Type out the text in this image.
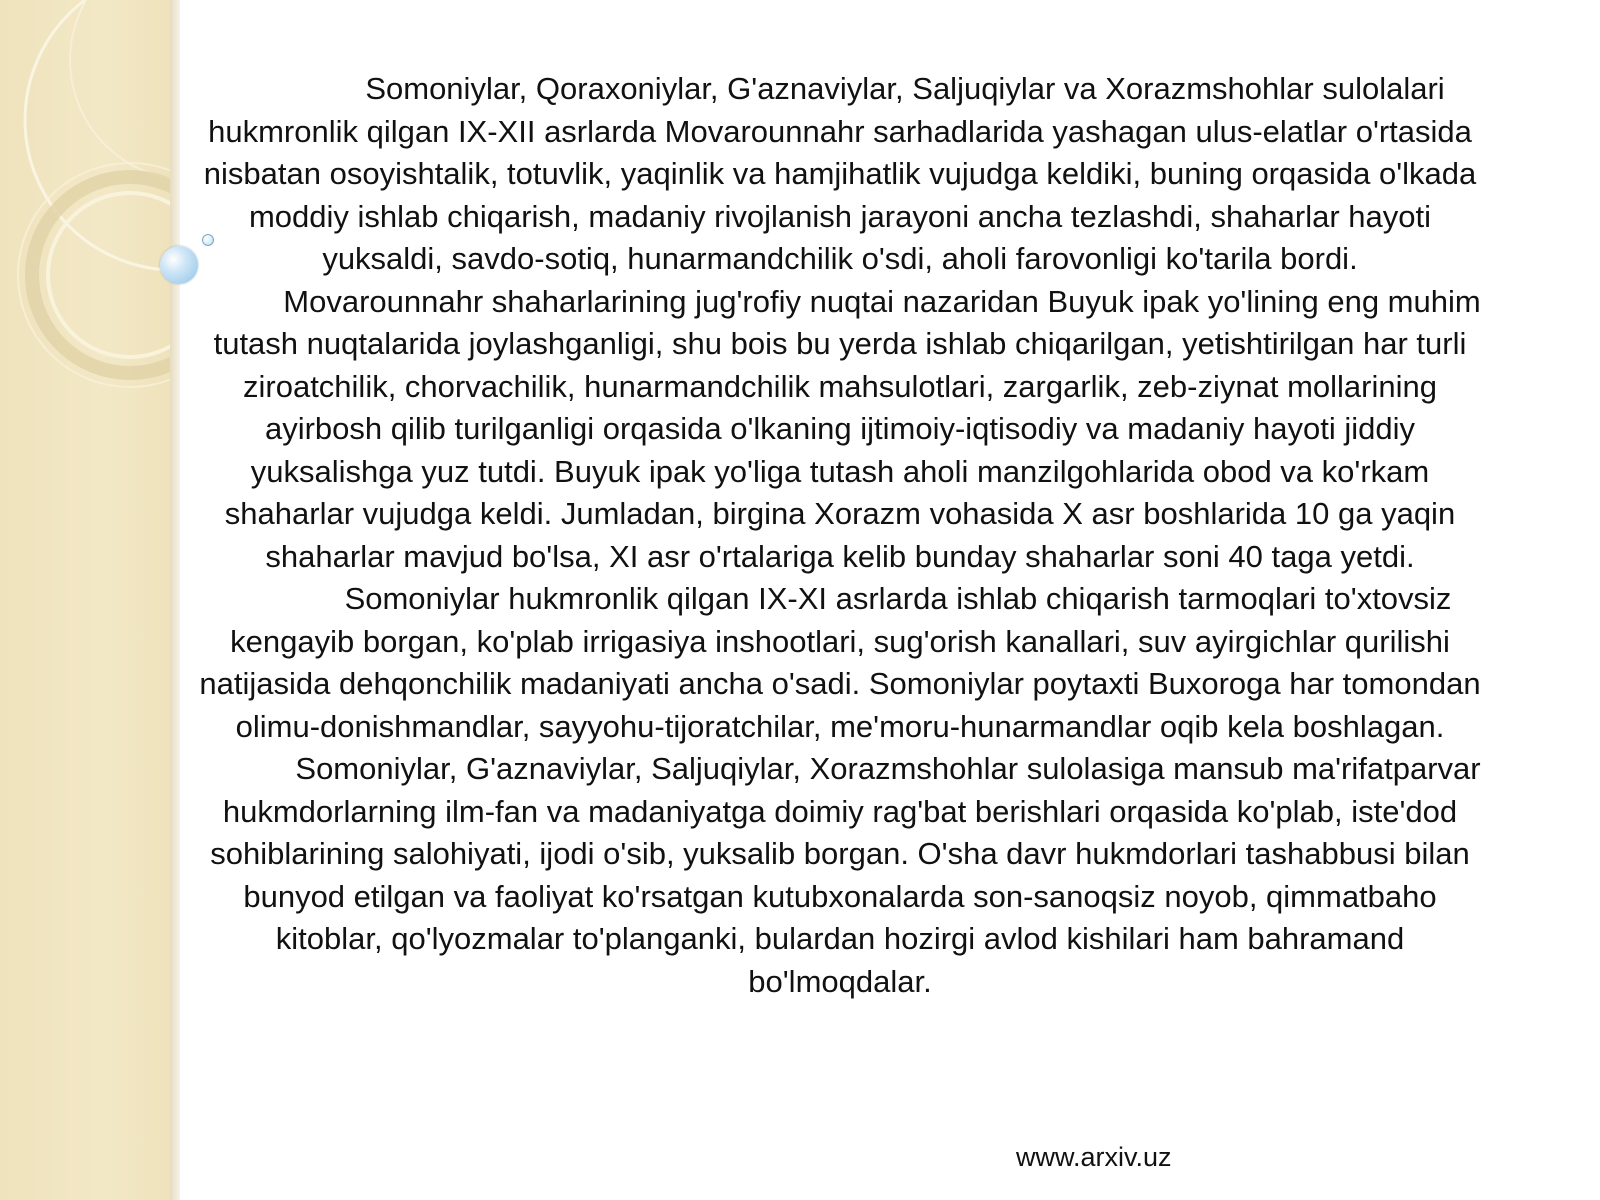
Somoniylar, Qoraxoniylar, G'aznaviylar, Saljuqiylar va Xorazmshohlar sulolalari hukmronlik qilgan IX-XII asrlarda Movarounnahr sarhadlarida yashagan ulus-elatlar o'rtasida nisbatan osoyishtalik, totuvlik, yaqinlik va hamjihatlik vujudga keldiki, buning orqasida o'lkada moddiy ishlab chiqarish, madaniy rivojlanish jarayoni ancha tezlashdi, shaharlar hayoti yuksaldi, savdo-sotiq, hunarmandchilik o'sdi, aholi farovonligi ko'tarila bordi.

Movarounnahr shaharlarining jug'rofiy nuqtai nazaridan Buyuk ipak yo'lining eng muhim tutash nuqtalarida joylashganligi, shu bois bu yerda ishlab chiqarilgan, yetishtirilgan har turli ziroatchilik, chorvachilik, hunarmandchilik mahsulotlari, zargarlik, zeb-ziynat mollarining ayirbosh qilib turilganligi orqasida o'lkaning ijtimoiy-iqtisodiy va madaniy hayoti jiddiy yuksalishga yuz tutdi. Buyuk ipak yo'liga tutash aholi manzilgohlarida obod va ko'rkam shaharlar vujudga keldi. Jumladan, birgina Xorazm vohasida X asr boshlarida 10 ga yaqin shaharlar mavjud bo'lsa, XI asr o'rtalariga kelib bunday shaharlar soni 40 taga yetdi.

Somoniylar hukmronlik qilgan IX-XI asrlarda ishlab chiqarish tarmoqlari to'xtovsiz kengayib borgan, ko'plab irrigasiya inshootlari, sug'orish kanallari, suv ayirgichlar qurilishi natijasida dehqonchilik madaniyati ancha o'sadi. Somoniylar poytaxti Buxoroga har tomondan olimu-donishmandlar, sayyohu-tijoratchilar, me'moru-hunarmandlar oqib kela boshlagan.

Somoniylar, G'aznaviylar, Saljuqiylar, Xorazmshohlar sulolasiga mansub ma'rifatparvar hukmdorlarning ilm-fan va madaniyatga doimiy rag'bat berishlari orqasida ko'plab, iste'dod sohiblarining salohiyati, ijodi o'sib, yuksalib borgan. O'sha davr hukmdorlari tashabbusi bilan bunyod etilgan va faoliyat ko'rsatgan kutubxonalarda son-sanoqsiz noyob, qimmatbaho kitoblar, qo'lyozmalar to'planganki, bulardan hozirgi avlod kishilari ham bahramand bo'lmoqdalar.

www.arxiv.uz
